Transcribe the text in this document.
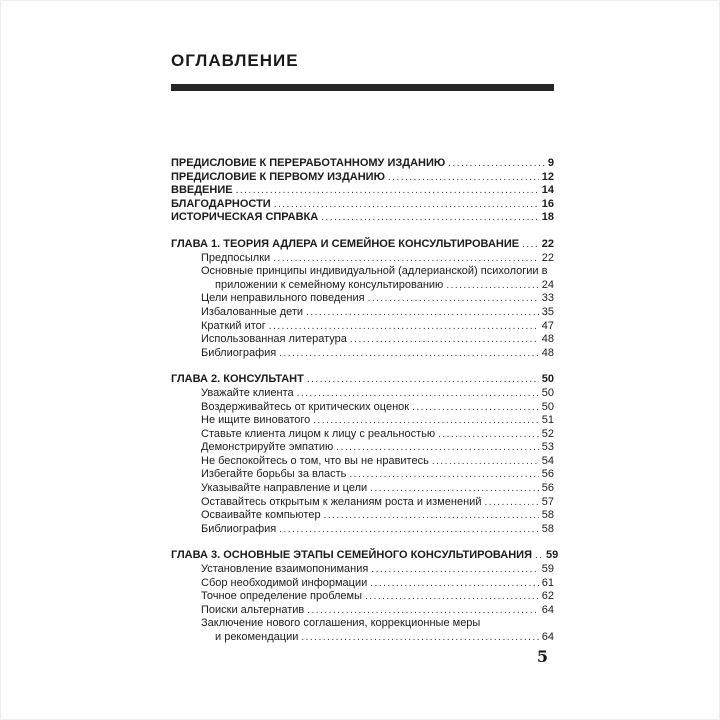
ОГЛАВЛЕНИЕ
ПРЕДИСЛОВИЕ К ПЕРЕРАБОТАННОМУ ИЗДАНИЮ .....	9
ПРЕДИСЛОВИЕ К ПЕРВОМУ ИЗДАНИЮ .....	12
ВВЕДЕНИЕ .....	14
БЛАГОДАРНОСТИ .....	16
ИСТОРИЧЕСКАЯ СПРАВКА .....	18
ГЛАВА 1. ТЕОРИЯ АДЛЕРА И СЕМЕЙНОЕ КОНСУЛЬТИРОВАНИЕ ..... 22
Предпосылки .....	22
Основные принципы индивидуальной (адлерианской) психологии в
приложении к семейному консультированию .....	24
Цели неправильного поведения .....	33
Избалованные дети .....	35
Краткий итог .....	47
Использованная литература .....	48
Библиография .....	48
ГЛАВА 2. КОНСУЛЬТАНТ .....	50
Уважайте клиента .....	50
Воздерживайтесь от критических оценок .....	50
Не ищите виноватого .....	51
Ставьте клиента лицом к лицу с реальностью .....	52
Демонстрируйте эмпатию .....	53
Не беспокойтесь о том, что вы не нравитесь .....	54
Избегайте борьбы за власть .....	56
Указывайте направление и цели .....	56
Оставайтесь открытым к желаниям роста и изменений .....	57
Осваивайте компьютер .....	58
Библиография .....	58
ГЛАВА 3. ОСНОВНЫЕ ЭТАПЫ СЕМЕЙНОГО КОНСУЛЬТИРОВАНИЯ ..... 59
Установление взаимопонимания .....	59
Сбор необходимой информации .....	61
Точное определение проблемы .....	62
Поиски альтернатив .....	64
Заключение нового соглашения, коррекционные меры
и рекомендации .....	64
5
